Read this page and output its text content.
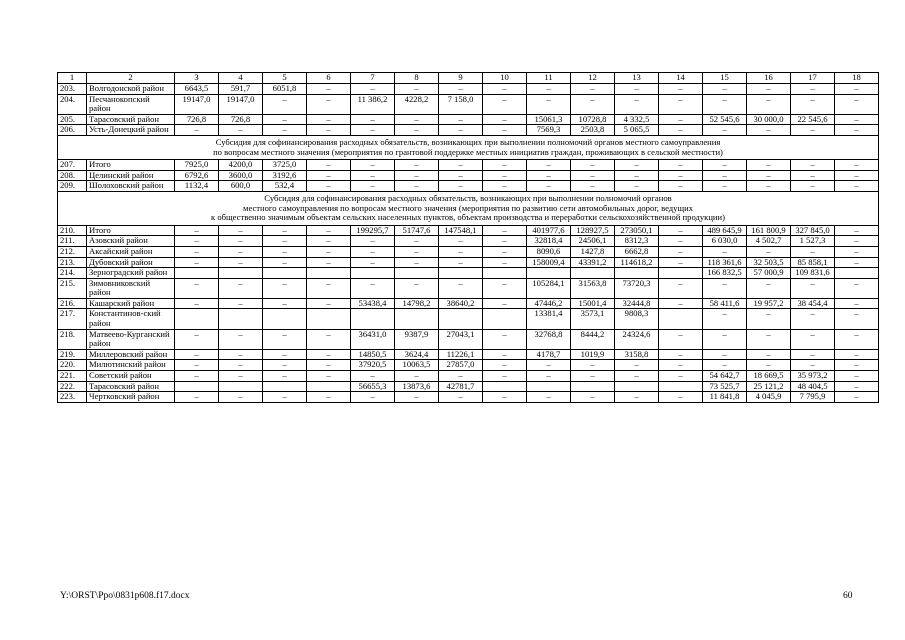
1	2	3	4	5	6	7	8	9	10	11	12	13	14	15	16	17	18
203.	Волгодонской район	6643,5	591,7	6051,8	–	–	–	–	–	–	–	–	–	–	–	–	–
204.	Песчанокопский район	19147,0	19147,0	–	–	11 386,2	4228,2	7 158,0	–	–	–	–	–	–	–	–	–
205.	Тарасовский район	726,8	726,8	–	–	–	–	–	–	15061,3	10728,8	4 332,5	–	52 545,6	30 000,0	22 545,6	–
206.	Усть-Донецкий район	–	–	–	–	–	–	–	–	7569,3	2503,8	5 065,5	–	–	–	–	–

Субсидия для софинансирования расходных обязательств, возникающих при выполнении полномочий органов местного самоуправления
по вопросам местного значения (мероприятия по грантовой поддержке местных инициатив граждан, проживающих в сельской местности)																	

207.	Итого	7925,0	4200,0	3725,0	–	–	–	–	–	–	–	–	–	–	–	–	–
208.	Целинский район	6792,6	3600,0	3192,6	–	–	–	–	–	–	–	–	–	–	–	–	–
209.	Шолоховский район	1132,4	600,0	532,4	–	–	–	–	–	–	–	–	–	–	–	–	–

Субсидия для софинансирования расходных обязательств, возникающих при выполнении полномочий органов
местного самоуправления по вопросам местного значения (мероприятия по развитию сети автомобильных дорог, ведущих
к общественно значимым объектам сельских населенных пунктов, объектам производства и переработки сельскохозяйственной продукции)																	

210.	Итого	–	–	–	–	199295,7	51747,6	147548,1	–	401977,6	128927,5	273050,1	–	489 645,9	161 800,9	327 845,0	–
211.	Азовский район	–	–	–	–	–	–	–	–	32818,4	24506,1	8312,3	–	6 030,0	4 502,7	1 527,3	–
212.	Аксайский район	–	–	–	–	–	–	–	–	8090,6	1427,8	6662,8	–	–	–	–	–
213.	Дубовский район	–	–	–	–	–	–	–	–	158009,4	43391,2	114618,2	–	118 361,6	32 503,5	85 858,1	–
214.	Зерноградский район													166 832,5	57 000,9	109 831,6	
215.	Зимовниковский район	–	–	–	–	–	–	–	–	105284,1	31563,8	73720,3	–	–	–	–	–
216.	Кашарский район	–	–	–	–	53438,4	14798,2	38640,2	–	47446,2	15001,4	32444,8	–	58 411,6	19 957,2	38 454,4	–
217.	Константинов-ский район									13381,4	3573,1	9808,3		–	–	–	–
218.	Матвеево-Курганский район	–	–	–	–	36431,0	9387,9	27043,1	–	32768,8	8444,2	24324,6	–	–	–	–	–
219.	Миллеровский район	–	–	–	–	14850,5	3624,4	11226,1	–	4178,7	1019,9	3158,8	–	–	–	–	–
220.	Милютинский район	–	–	–	–	37920,5	10063,5	27857,0	–	–	–	–	–	–	–	–	–
221.	Советский район	–	–	–	–	–	–	–	–	–	–	–	–	54 642,7	18 669,5	35 973,2	–
222.	Тарасовский район					56655,3	13873,6	42781,7						73 525,7	25 121,2	48 404,5	–
223.	Чертковский район	–	–	–	–	–	–	–	–	–	–	–	–	11 841,8	4 045,9	7 795,9	–
Y:\ORST\Ppo\0831p608.f17.docx	60
